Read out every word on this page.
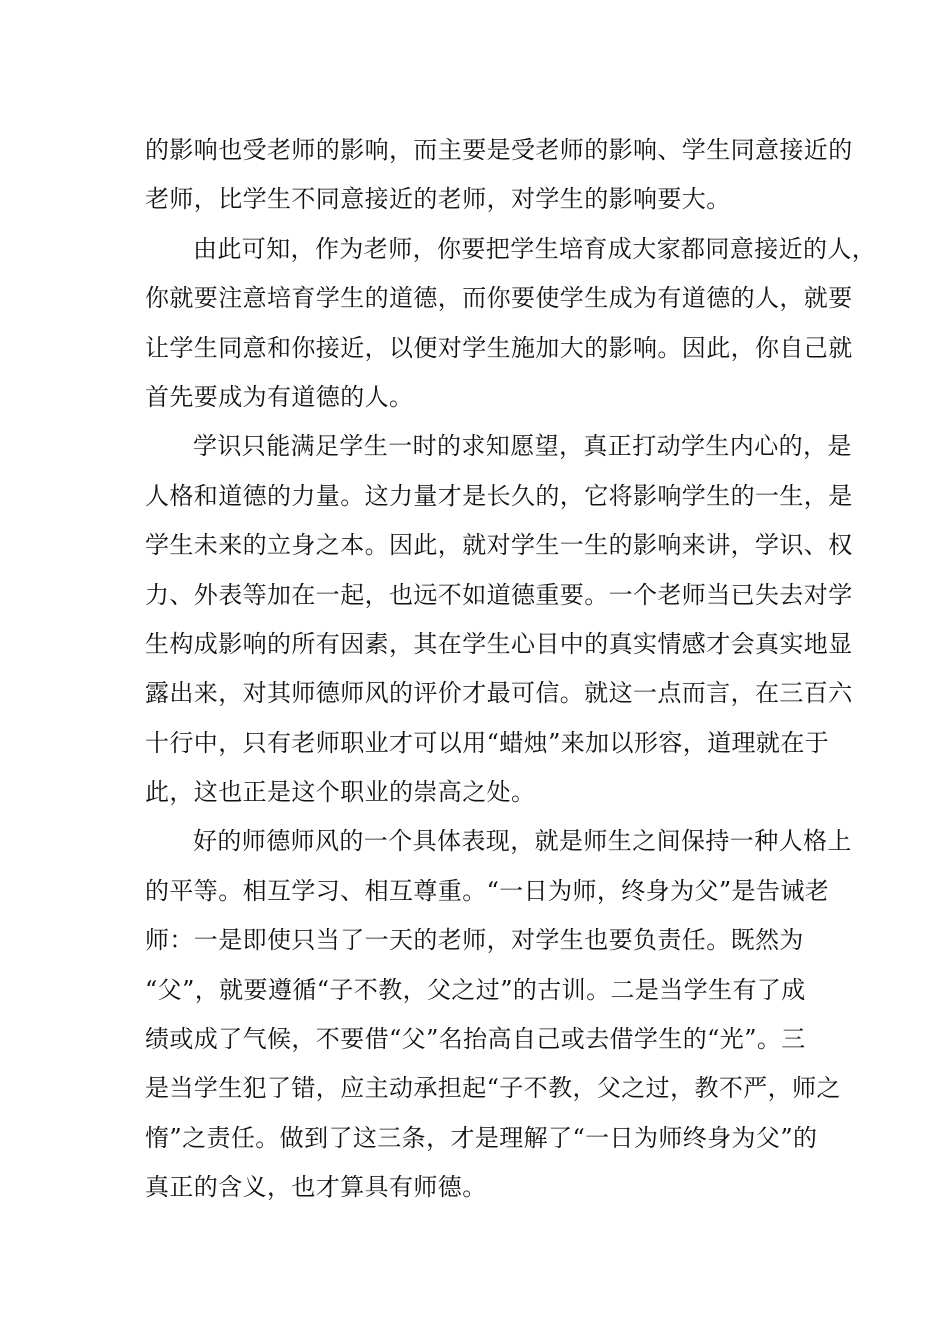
的影响也受老师的影响，而主要是受老师的影响、学生同意接近的
老师，比学生不同意接近的老师，对学生的影响要大。
由此可知，作为老师，你要把学生培育成大家都同意接近的人，
你就要注意培育学生的道德，而你要使学生成为有道德的人，就要
让学生同意和你接近，以便对学生施加大的影响。因此，你自己就
首先要成为有道德的人。
学识只能满足学生一时的求知愿望，真正打动学生内心的，是
人格和道德的力量。这力量才是长久的，它将影响学生的一生，是
学生未来的立身之本。因此，就对学生一生的影响来讲，学识、权
力、外表等加在一起，也远不如道德重要。一个老师当已失去对学
生构成影响的所有因素，其在学生心目中的真实情感才会真实地显
露出来，对其师德师风的评价才最可信。就这一点而言，在三百六
十行中，只有老师职业才可以用“蜡烛”来加以形容，道理就在于
此，这也正是这个职业的崇高之处。
好的师德师风的一个具体表现，就是师生之间保持一种人格上
的平等。相互学习、相互尊重。“一日为师，终身为父”是告诫老
师：一是即使只当了一天的老师，对学生也要负责任。既然为
“父”，就要遵循“子不教，父之过”的古训。二是当学生有了成
绩或成了气候，不要借“父”名抬高自己或去借学生的“光”。三
是当学生犯了错，应主动承担起“子不教，父之过，教不严，师之
惰”之责任。做到了这三条，才是理解了“一日为师终身为父”的
真正的含义，也才算具有师德。
